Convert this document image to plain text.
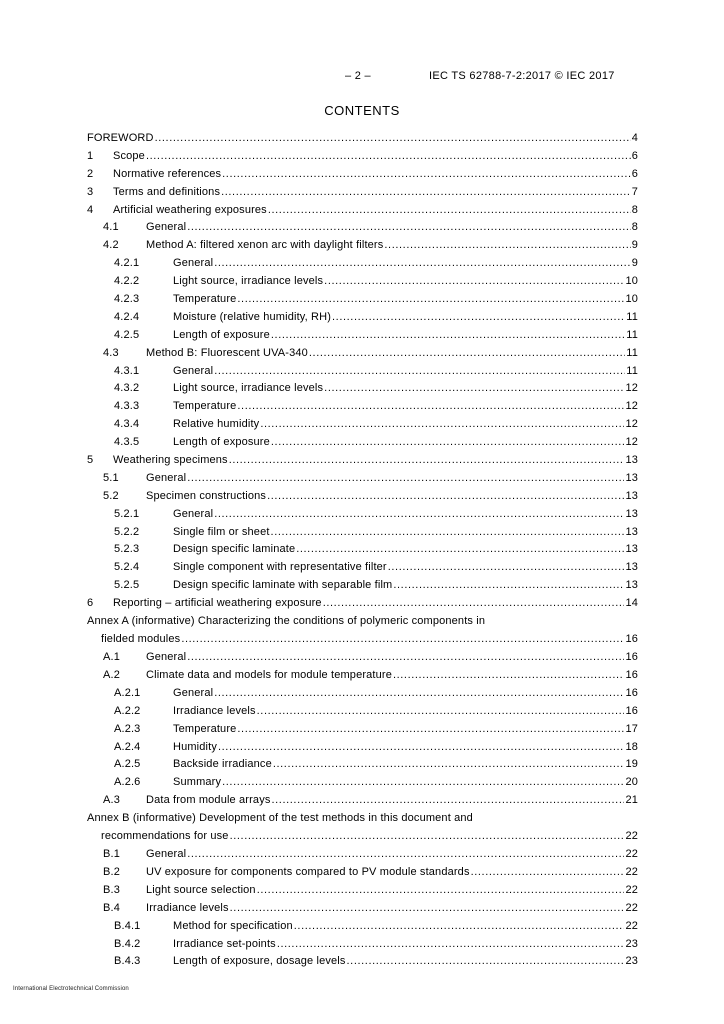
– 2 –	IEC TS 62788-7-2:2017 © IEC 2017
CONTENTS
FOREWORD .....	4
1	Scope .....	6
2	Normative references .....	6
3	Terms and definitions .....	7
4	Artificial weathering exposures .....	8
4.1	General .....	8
4.2	Method A: filtered xenon arc with daylight filters .....	9
4.2.1	General .....	9
4.2.2	Light source, irradiance levels .....	10
4.2.3	Temperature .....	10
4.2.4	Moisture (relative humidity, RH) .....	11
4.2.5	Length of exposure .....	11
4.3	Method B: Fluorescent UVA-340 .....	11
4.3.1	General .....	11
4.3.2	Light source, irradiance levels .....	12
4.3.3	Temperature .....	12
4.3.4	Relative humidity .....	12
4.3.5	Length of exposure .....	12
5	Weathering specimens .....	13
5.1	General .....	13
5.2	Specimen constructions .....	13
5.2.1	General .....	13
5.2.2	Single film or sheet .....	13
5.2.3	Design specific laminate .....	13
5.2.4	Single component with representative filter .....	13
5.2.5	Design specific laminate with separable film .....	13
6	Reporting – artificial weathering exposure .....	14
Annex A (informative) Characterizing the conditions of polymeric components in
fielded modules .....	16
A.1	General .....	16
A.2	Climate data and models for module temperature .....	16
A.2.1	General .....	16
A.2.2	Irradiance levels .....	16
A.2.3	Temperature .....	17
A.2.4	Humidity .....	18
A.2.5	Backside irradiance .....	19
A.2.6	Summary .....	20
A.3	Data from module arrays .....	21
Annex B (informative) Development of the test methods in this document and
recommendations for use .....	22
B.1	General .....	22
B.2	UV exposure for components compared to PV module standards .....	22
B.3	Light source selection .....	22
B.4	Irradiance levels .....	22
B.4.1	Method for specification .....	22
B.4.2	Irradiance set-points .....	23
B.4.3	Length of exposure, dosage levels .....	23
International Electrotechnical Commission
